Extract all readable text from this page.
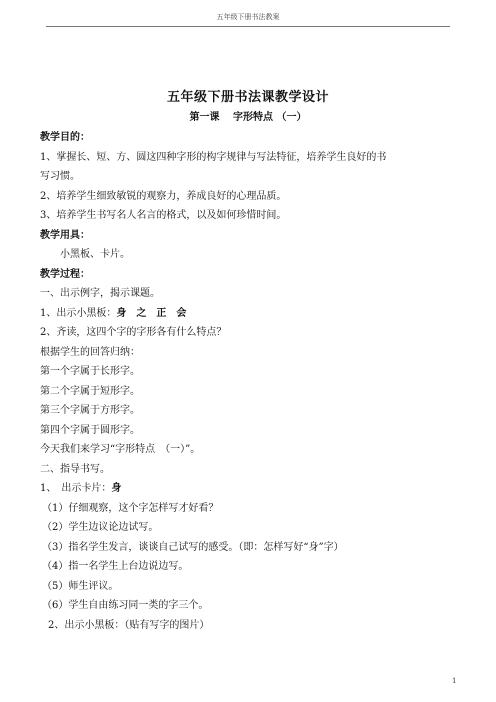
五年级下册书法教案
五年级下册书法课教学设计
第一课　 字形特点 （一）
教学目的：
1、掌握长、短、方、圆这四种字形的构字规律与写法特征，培养学生良好的书
写习惯。
2、培养学生细致敏锐的观察力，养成良好的心理品质。
3、培养学生书写名人名言的格式，以及如何珍惜时间。
教学用具：
小黑板、卡片。
教学过程：
一、出示例字，揭示课题。
1、出示小黑板：身　之　正　会
2、齐读，这四个字的字形各有什么特点？
根据学生的回答归纳：
第一个字属于长形字。
第二个字属于短形字。
第三个字属于方形字。
第四个字属于圆形字。
今天我们来学习“字形特点　（一）”。
二、指导书写。
1、　出示卡片：身
（1）仔细观察，这个字怎样写才好看？
（2）学生边议论边试写。
（3）指名学生发言，谈谈自己试写的感受。（即：怎样写好“身”字）
（4）指一名学生上台边说边写。
（5）师生评议。
（6）学生自由练习同一类的字三个。
2、出示小黑板：（贴有写字的图片）
1
